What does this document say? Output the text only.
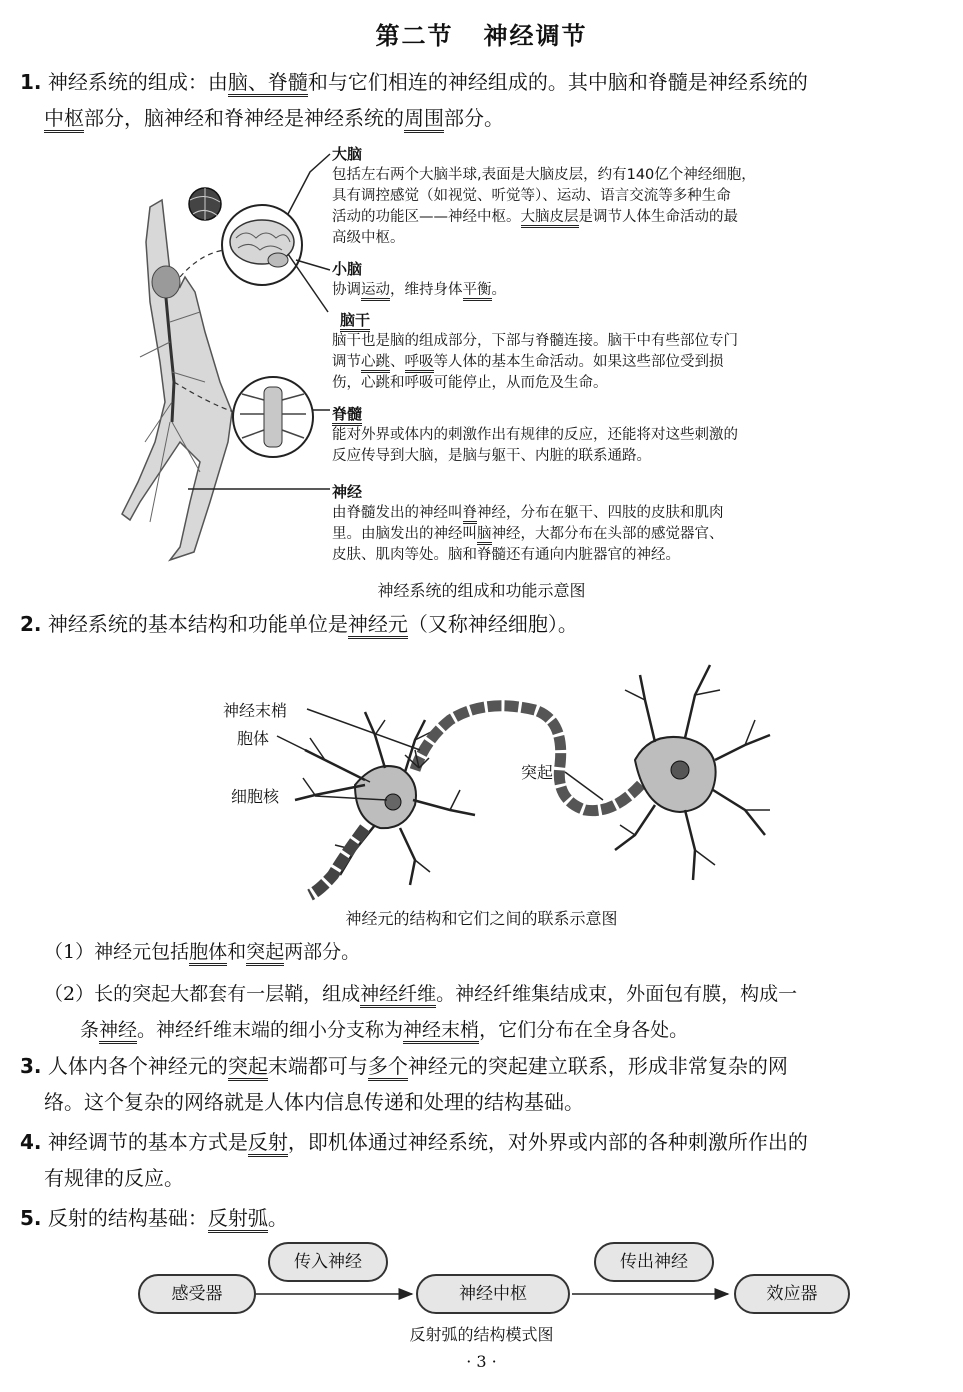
第二节 神经调节
1. 神经系统的组成：由脑、脊髓和与它们相连的神经组成的。其中脑和脊髓是神经系统的
中枢部分，脑神经和脊神经是神经系统的周围部分。
大脑
包括左右两个大脑半球,表面是大脑皮层，约有140亿个神经细胞，
具有调控感觉（如视觉、听觉等）、运动、语言交流等多种生命
活动的功能区——神经中枢。大脑皮层是调节人体生命活动的最
高级中枢。
小脑
协调运动，维持身体平衡。
脑干
脑干也是脑的组成部分，下部与脊髓连接。脑干中有些部位专门
调节心跳、呼吸等人体的基本生命活动。如果这些部位受到损
伤，心跳和呼吸可能停止，从而危及生命。
脊髓
能对外界或体内的刺激作出有规律的反应，还能将对这些刺激的
反应传导到大脑，是脑与躯干、内脏的联系通路。
神经
由脊髓发出的神经叫脊神经，分布在躯干、四肢的皮肤和肌肉
里。由脑发出的神经叫脑神经，大都分布在头部的感觉器官、
皮肤、肌肉等处。脑和脊髓还有通向内脏器官的神经。
神经系统的组成和功能示意图
2. 神经系统的基本结构和功能单位是神经元（又称神经细胞）。
神经末梢
胞体
细胞核
突起
神经元的结构和它们之间的联系示意图
（1）神经元包括胞体和突起两部分。
（2）长的突起大都套有一层鞘，组成神经纤维。神经纤维集结成束，外面包有膜，构成一
条神经。神经纤维末端的细小分支称为神经末梢，它们分布在全身各处。
3. 人体内各个神经元的突起末端都可与多个神经元的突起建立联系，形成非常复杂的网
络。这个复杂的网络就是人体内信息传递和处理的结构基础。
4. 神经调节的基本方式是反射，即机体通过神经系统，对外界或内部的各种刺激所作出的
有规律的反应。
5. 反射的结构基础：反射弧。
感受器
传入神经
神经中枢
传出神经
效应器
反射弧的结构模式图
· 3 ·
